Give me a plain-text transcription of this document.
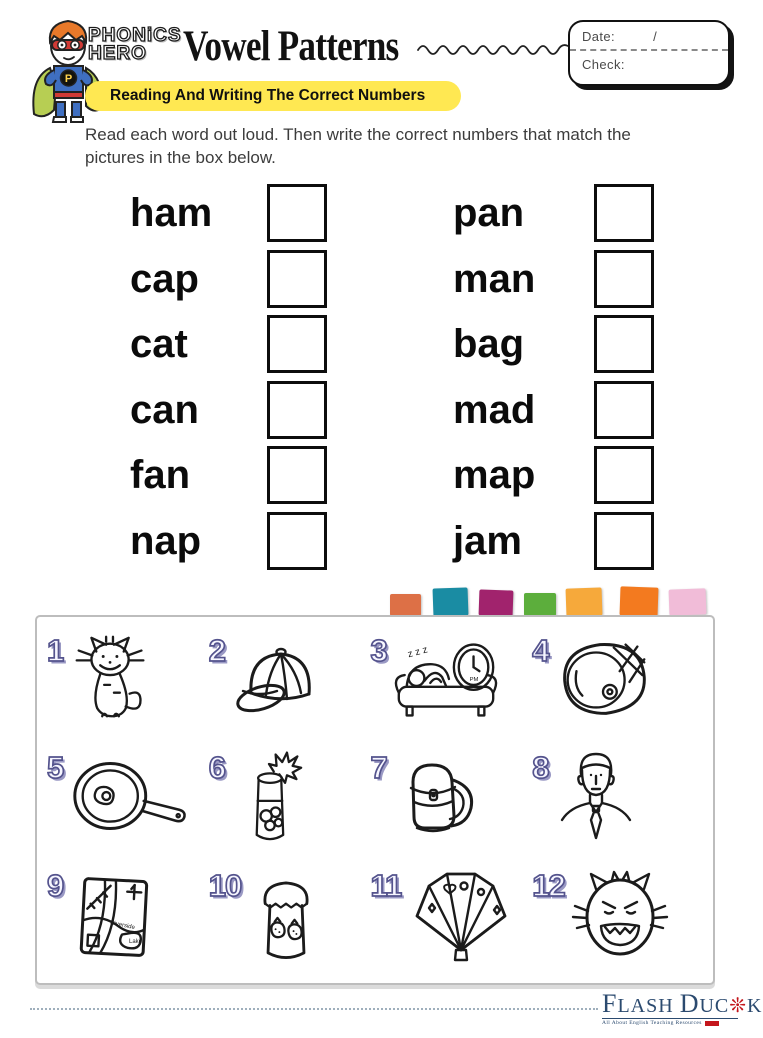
P
PHONiCS
HERO Vowel Patterns	Date:	/
Check:
Reading And Writing The Correct Numbers
Read each word out loud. Then write the correct numbers that match the pictures in the box below.
ham	pan
cap	man
cat	bag
can	mad
fan	map
nap	jam
1	2	3 z z z
PM
4
5	6	7	8
9
Riverside
Lake
10	11	12
FLASH DUC❊K
All About English Teaching Resources
